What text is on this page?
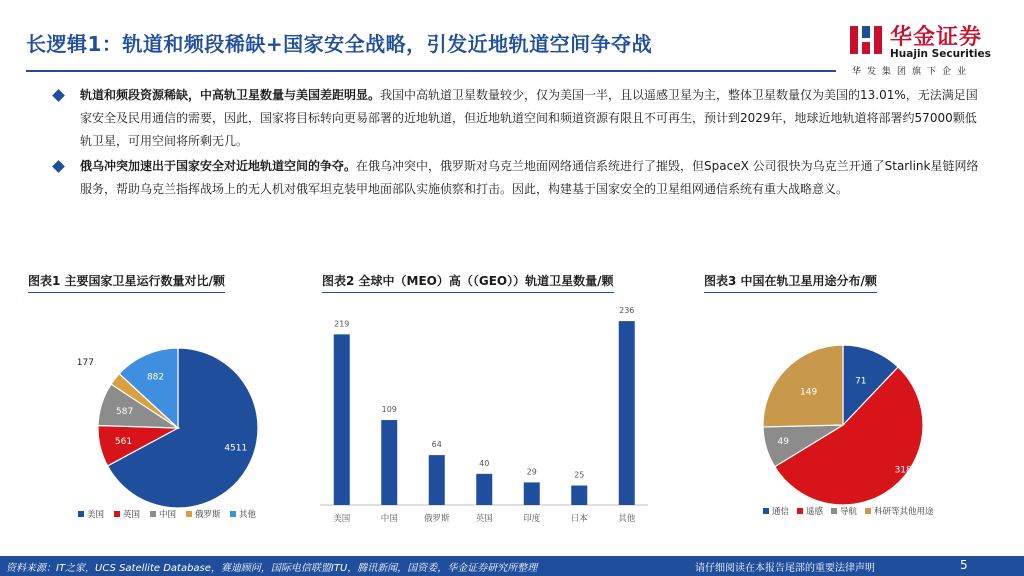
长逻辑1：轨道和频段稀缺+国家安全战略，引发近地轨道空间争夺战	华金证券
Huajin Securities
华发集团旗下企业
轨道和频段资源稀缺，中高轨卫星数量与美国差距明显。我国中高轨道卫星数量较少，仅为美国一半，且以遥感卫星为主，整体卫星数量仅为美国的13.01%，无法满足国家安全及民用通信的需要，因此，国家将目标转向更易部署的近地轨道，但近地轨道空间和频道资源有限且不可再生，预计到2029年，地球近地轨道将部署约57000颗低轨卫星，可用空间将所剩无几。
俄乌冲突加速出于国家安全对近地轨道空间的争夺。在俄乌冲突中，俄罗斯对乌克兰地面网络通信系统进行了摧毁，但SpaceX 公司很快为乌克兰开通了Starlink星链网络服务，帮助乌克兰指挥战场上的无人机对俄军坦克装甲地面部队实施侦察和打击。因此，构建基于国家安全的卫星组网通信系统有重大战略意义。
图表1 主要国家卫星运行数量对比/颗	图表2 全球中（MEO）高（（GEO））轨道卫星数量/颗	图表3 中国在轨卫星用途分布/颗
4511
561
587
177
882
美国 英国 中国 俄罗斯 其他
219
美国
109
中国
64
俄罗斯
40
英国
29
印度
25
日本
236
其他
71
318
49
149
通信 遥感 导航 科研等其他用途
资料来源：IT之家，UCS Satellite Database，赛迪顾问，国际电信联盟ITU，腾讯新闻，国资委，华金证券研究所整理	请仔细阅读在本报告尾部的重要法律声明	5
